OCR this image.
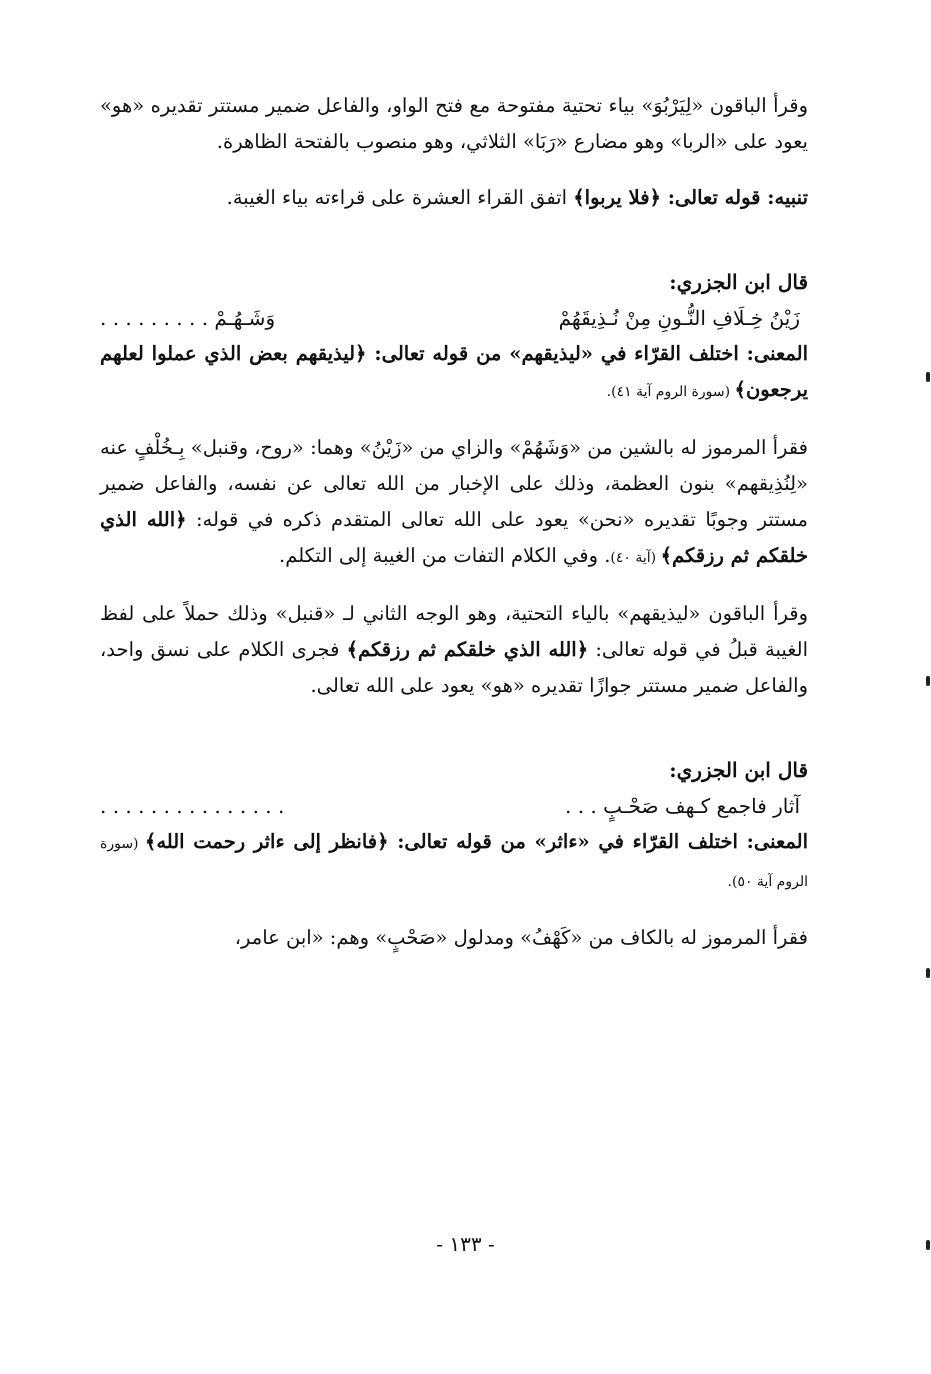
وقرأ الباقون «لِيَرْبُوَ» بياء تحتية مفتوحة مع فتح الواو، والفاعل ضمير مستتر تقديره «هو» يعود على «الربا» وهو مضارع «رَبَا» الثلاثي، وهو منصوب بالفتحة الظاهرة.

تنبيه: قوله تعالى: ﴿فلا يربوا﴾ اتفق القراء العشرة على قراءته بياء الغيبة.

قال ابن الجزري:

زَيْنُ خِـلَافِ النُّـونِ مِنْ نُـذِيقَهُمْ
وَشَـهُـمْ . . . . . . . . .

المعنى: اختلف القرّاء في «ليذيقهم» من قوله تعالى: ﴿ليذيقهم بعض الذي عملوا لعلهم يرجعون﴾ (سورة الروم آية ٤١).

فقرأ المرموز له بالشين من «وَشَهُمْ» والزاي من «زَيْنُ» وهما: «روح، وقنبل» بِـخُلْفٍ عنه «لِنُذِيقهم» بنون العظمة، وذلك على الإخبار من الله تعالى عن نفسه، والفاعل ضمير مستتر وجوبًا تقديره «نحن» يعود على الله تعالى المتقدم ذكره في قوله: ﴿الله الذي خلقكم ثم رزقكم﴾ (آية ٤٠). وفي الكلام التفات من الغيبة إلى التكلم.

وقرأ الباقون «ليذيقهم» بالياء التحتية، وهو الوجه الثاني لـ «قنبل» وذلك حملاً على لفظ الغيبة قبلُ في قوله تعالى: ﴿الله الذي خلقكم ثم رزقكم﴾ فجرى الكلام على نسق واحد، والفاعل ضمير مستتر جوازًا تقديره «هو» يعود على الله تعالى.

قال ابن الجزري:

آثار فاجمع كـهف صَحْـبٍ . . .
. . . . . . . . . . . . . . .

المعنى: اختلف القرّاء في «ءاثر» من قوله تعالى: ﴿فانظر إلى ءاثر رحمت الله﴾ (سورة الروم آية ٥٠).

فقرأ المرموز له بالكاف من «كَهْفُ» ومدلول «صَحْبٍ» وهم: «ابن عامر،

- ١٣٣ -
